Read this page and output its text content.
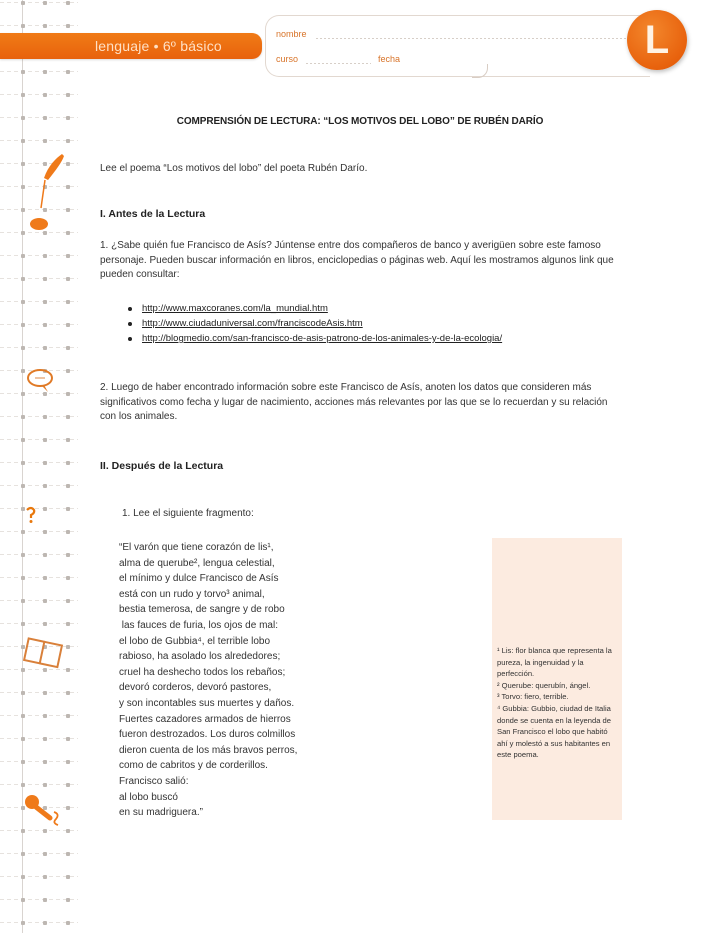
lenguaje • 6º básico
nombre
curso	fecha	L
COMPRENSIÓN DE LECTURA: “LOS MOTIVOS DEL LOBO” DE RUBÉN DARÍO
Lee el poema “Los motivos del lobo” del poeta Rubén Darío.
I. Antes de la Lectura
1. ¿Sabe quién fue Francisco de Asís? Júntense entre dos compañeros de banco y averigüen sobre este famoso personaje. Pueden buscar información en libros, enciclopedias o páginas web. Aquí les mostramos algunos link que pueden consultar:
http://www.maxcoranes.com/la_mundial.htm
http://www.ciudaduniversal.com/franciscodeAsis.htm
http://blogmedio.com/san-francisco-de-asis-patrono-de-los-animales-y-de-la-ecologia/
2. Luego de haber encontrado información sobre este Francisco de Asís, anoten los datos que consideren más significativos como fecha y lugar de nacimiento, acciones más relevantes por las que se lo recuerdan y su relación con los animales.
II. Después de la Lectura
1. Lee el siguiente fragmento:
“El varón que tiene corazón de lis¹,
alma de querube², lengua celestial,
el mínimo y dulce Francisco de Asís
está con un rudo y torvo³ animal,
bestia temerosa, de sangre y de robo
las fauces de furia, los ojos de mal:
el lobo de Gubbia⁴, el terrible lobo
rabioso, ha asolado los alrededores;
cruel ha deshecho todos los rebaños;
devoró corderos, devoró pastores,
y son incontables sus muertes y daños.
Fuertes cazadores armados de hierros
fueron destrozados. Los duros colmillos
dieron cuenta de los más bravos perros,
como de cabritos y de corderillos.
Francisco salió:
al lobo buscó
en su madriguera.”

¹ Lis: flor blanca que representa la pureza, la ingenuidad y la perfección.

² Querube: querubín, ángel.

³ Torvo: fiero, terrible.

⁴ Gubbia: Gubbio, ciudad de Italia donde se cuenta en la leyenda de San Francisco el lobo que habitó ahí y molestó a sus habitantes en este poema.
